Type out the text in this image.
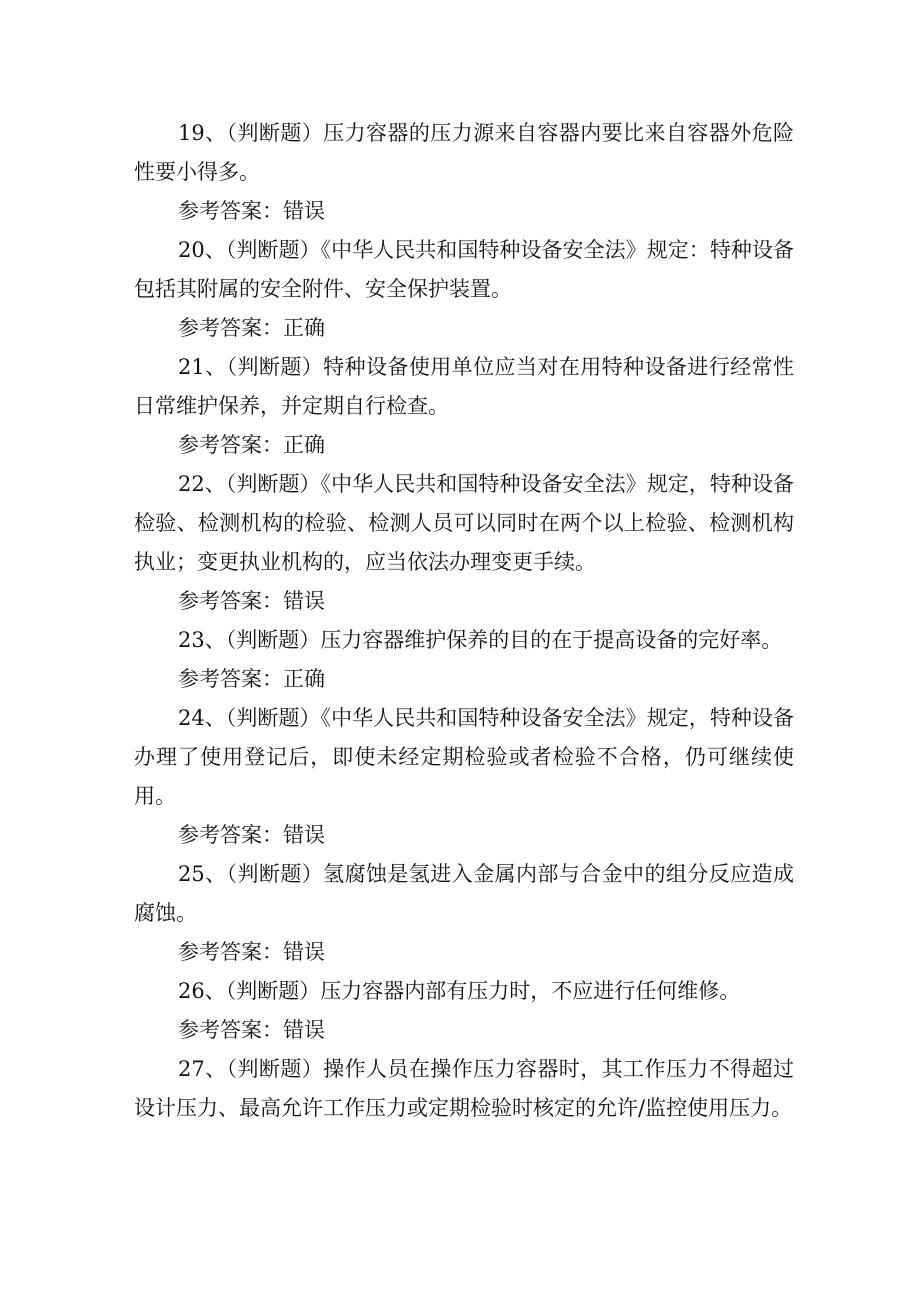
19、（判断题）压力容器的压力源来自容器内要比来自容器外危险性要小得多。

参考答案：错误

20、（判断题）《中华人民共和国特种设备安全法》规定：特种设备包括其附属的安全附件、安全保护装置。

参考答案：正确

21、（判断题）特种设备使用单位应当对在用特种设备进行经常性日常维护保养，并定期自行检查。

参考答案：正确

22、（判断题）《中华人民共和国特种设备安全法》规定，特种设备检验、检测机构的检验、检测人员可以同时在两个以上检验、检测机构执业；变更执业机构的，应当依法办理变更手续。

参考答案：错误

23、（判断题）压力容器维护保养的目的在于提高设备的完好率。

参考答案：正确

24、（判断题）《中华人民共和国特种设备安全法》规定，特种设备办理了使用登记后，即使未经定期检验或者检验不合格，仍可继续使用。

参考答案：错误

25、（判断题）氢腐蚀是氢进入金属内部与合金中的组分反应造成腐蚀。

参考答案：错误

26、（判断题）压力容器内部有压力时，不应进行任何维修。

参考答案：错误

27、（判断题）操作人员在操作压力容器时，其工作压力不得超过设计压力、最高允许工作压力或定期检验时核定的允许/监控使用压力。
